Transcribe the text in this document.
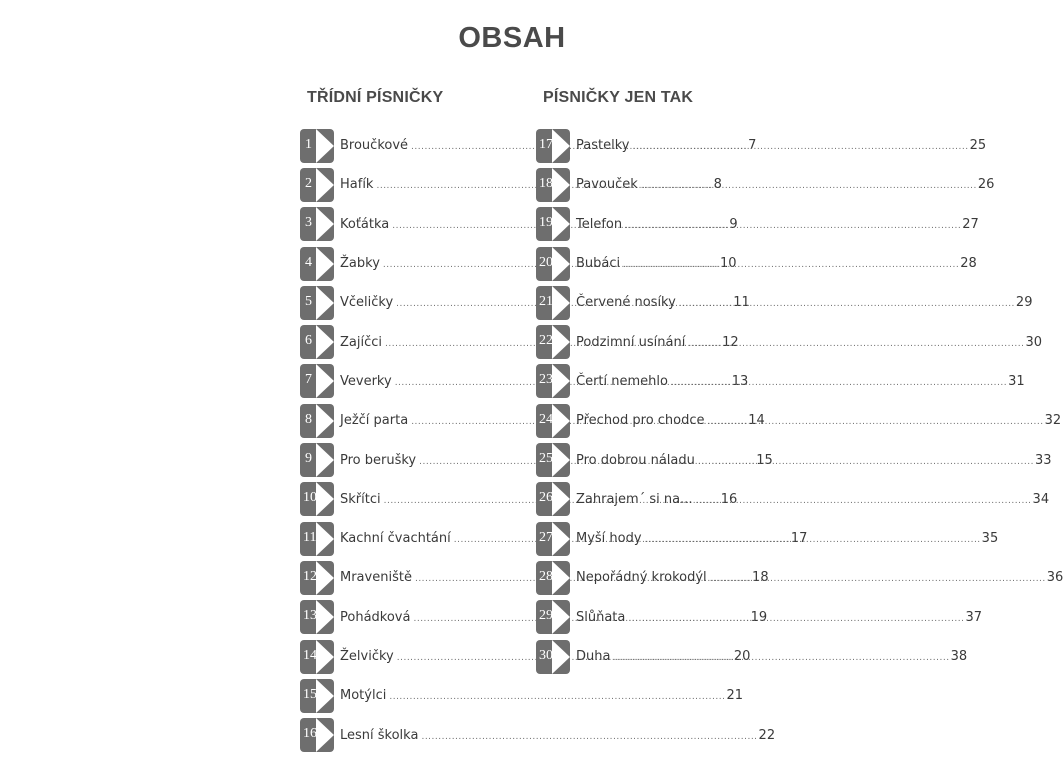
OBSAH
TŘÍDNÍ PÍSNIČKY
1 Broučkové .....	7
2 Hafík .....	8
3 Koťátka .....	9
4 Žabky .....	10
5 Včeličky .....	11
6 Zajíčci .....	12
7 Veverky .....	13
8 Ježčí parta .....	14
9 Pro berušky .....	15
10 Skřítci .....	16
11 Kachní čvachtání .....	17
12 Mraveniště .....	18
13 Pohádková .....	19
14 Želvičky .....	20
15 Motýlci .....	21
16 Lesní školka .....	22
PÍSNIČKY JEN TAK
17 Pastelky .....	25
18 Pavouček .....	26
19 Telefon .....	27
20 Bubáci .....	28
21 Červené nosíky .....	29
22 Podzimní usínání .....	30
23 Čertí nemehlo .....	31
24 Přechod pro chodce .....	32
25 Pro dobrou náladu .....	33
26 Zahrajem´ si na... .....	34
27 Myší hody .....	35
28 Nepořádný krokodýl .....	36
29 Slůňata .....	37
30 Duha .....	38
